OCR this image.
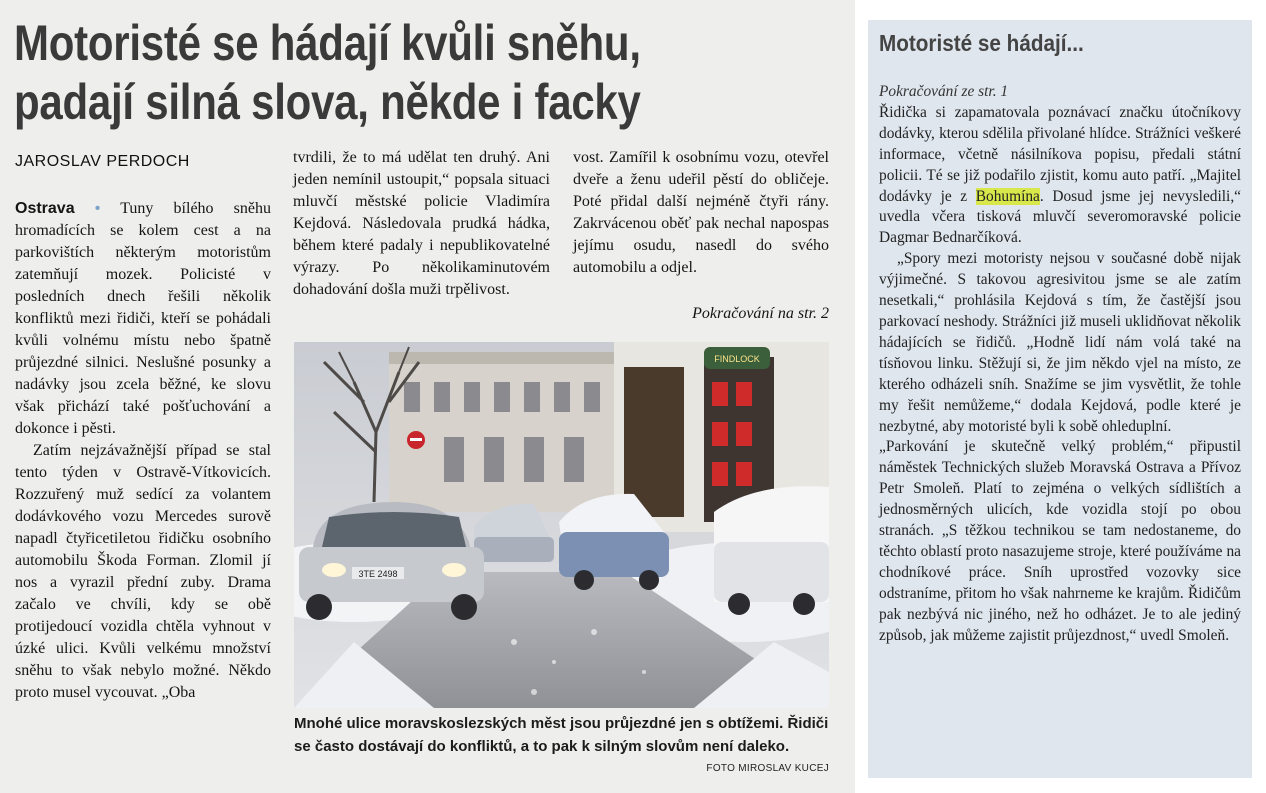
Motoristé se hádají kvůli sněhu,
padají silná slova, někde i facky
JAROSLAV PERDOCH

Ostrava • Tuny bílého sněhu hromadících se kolem cest a na parkovištích některým motoristům zatemňují mozek. Policisté v posledních dnech řešili několik konfliktů mezi řidiči, kteří se pohádali kvůli volnému místu nebo špatně průjezdné silnici. Neslušné posunky a nadávky jsou zcela běžné, ke slovu však přichází také pošťuchování a dokonce i pěsti.

Zatím nejzávažnější případ se stal tento týden v Ostravě-Vítkovicích. Rozzuřený muž sedící za volantem dodávkového vozu Mercedes surově napadl čtyřicetiletou řidičku osobního automobilu Škoda Forman. Zlomil jí nos a vyrazil přední zuby. Drama začalo ve chvíli, kdy se obě protijedoucí vozidla chtěla vyhnout v úzké ulici. Kvůli velkému množství sněhu to však nebylo možné. Někdo proto musel vycouvat. „Oba

tvrdili, že to má udělat ten druhý. Ani jeden nemínil ustoupit,“ popsala situaci mluvčí městské policie Vladimíra Kejdová. Následovala prudká hádka, během které padaly i nepublikovatelné výrazy. Po několikaminutovém dohadování došla muži trpělivost.

vost. Zamířil k osobnímu vozu, otevřel dveře a ženu udeřil pěstí do obličeje. Poté přidal další nejméně čtyři rány. Zakrvácenou oběť pak nechal napospas jejímu osudu, nasedl do svého automobilu a odjel.

Pokračování na str. 2
FINDLOCK
3TE 2498

Mnohé ulice moravskoslezských měst jsou průjezdné jen s obtížemi. Řidiči se často dostávají do konfliktů, a to pak k silným slovům není daleko.

FOTO MIROSLAV KUCEJ
Motoristé se hádají...

Pokračování ze str. 1

Řidička si zapamatovala poznávací značku útočníkovy dodávky, kterou sdělila přivolané hlídce. Strážníci veškeré informace, včetně násilníkova popisu, předali státní policii. Té se již podařilo zjistit, komu auto patří. „Majitel dodávky je z Bohumína. Dosud jsme jej nevysledili,“ uvedla včera tisková mluvčí severomoravské policie Dagmar Bednarčíková.

„Spory mezi motoristy nejsou v současné době nijak výjimečné. S takovou agresivitou jsme se ale zatím nesetkali,“ prohlásila Kejdová s tím, že častější jsou parkovací neshody. Strážníci již museli uklidňovat několik hádajících se řidičů. „Hodně lidí nám volá také na tísňovou linku. Stěžují si, že jim někdo vjel na místo, ze kterého odházeli sníh. Snažíme se jim vysvětlit, že tohle my řešit nemůžeme,“ dodala Kejdová, podle které je nezbytné, aby motoristé byli k sobě ohleduplní.

„Parkování je skutečně velký problém,“ připustil náměstek Technických služeb Moravská Ostrava a Přívoz Petr Smoleň. Platí to zejména o velkých sídlištích a jednosměrných ulicích, kde vozidla stojí po obou stranách. „S těžkou technikou se tam nedostaneme, do těchto oblastí proto nasazujeme stroje, které používáme na chodníkové práce. Sníh uprostřed vozovky sice odstraníme, přitom ho však nahrneme ke krajům. Řidičům pak nezbývá nic jiného, než ho odházet. Je to ale jediný způsob, jak můžeme zajistit průjezdnost,“ uvedl Smoleň.
